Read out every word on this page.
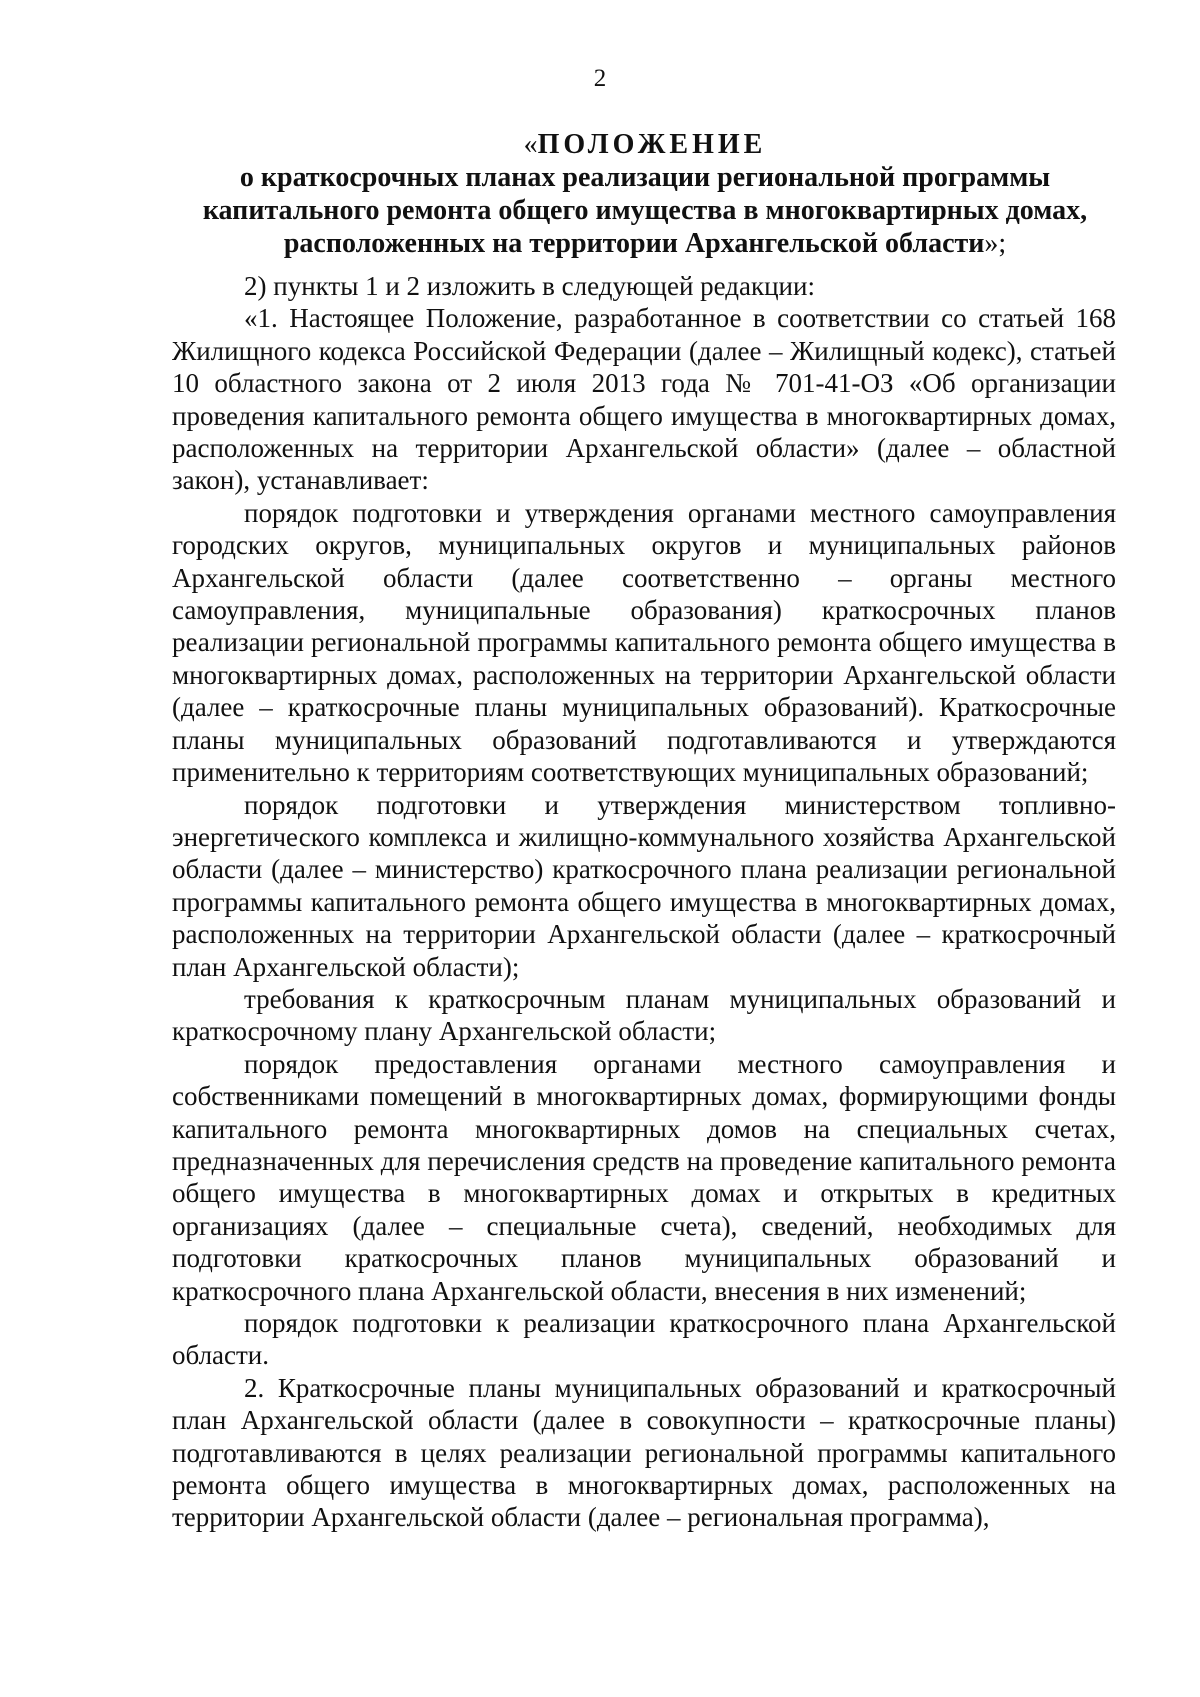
2
«ПОЛОЖЕНИЕ
о краткосрочных планах реализации региональной программы
капитального ремонта общего имущества в многоквартирных домах,
расположенных на территории Архангельской области»;

2) пункты 1 и 2 изложить в следующей редакции:

«1. Настоящее Положение, разработанное в соответствии со статьей 168 Жилищного кодекса Российской Федерации (далее – Жилищный кодекс), статьей 10 областного закона от 2 июля 2013 года № 701-41-ОЗ «Об организации проведения капитального ремонта общего имущества в многоквартирных домах, расположенных на территории Архангельской области» (далее – областной закон), устанавливает:

порядок подготовки и утверждения органами местного самоуправления городских округов, муниципальных округов и муниципальных районов Архангельской области (далее соответственно – органы местного самоуправления, муниципальные образования) краткосрочных планов реализации региональной программы капитального ремонта общего имущества в многоквартирных домах, расположенных на территории Архангельской области (далее – краткосрочные планы муниципальных образований). Краткосрочные планы муниципальных образований подготавливаются и утверждаются применительно к территориям соответствующих муниципальных образований;

порядок подготовки и утверждения министерством топливно-энергетического комплекса и жилищно-коммунального хозяйства Архангельской области (далее – министерство) краткосрочного плана реализации региональной программы капитального ремонта общего имущества в многоквартирных домах, расположенных на территории Архангельской области (далее – краткосрочный план Архангельской области);

требования к краткосрочным планам муниципальных образований и краткосрочному плану Архангельской области;

порядок предоставления органами местного самоуправления и собственниками помещений в многоквартирных домах, формирующими фонды капитального ремонта многоквартирных домов на специальных счетах, предназначенных для перечисления средств на проведение капитального ремонта общего имущества в многоквартирных домах и открытых в кредитных организациях (далее – специальные счета), сведений, необходимых для подготовки краткосрочных планов муниципальных образований и краткосрочного плана Архангельской области, внесения в них изменений;

порядок подготовки к реализации краткосрочного плана Архангельской области.

2. Краткосрочные планы муниципальных образований и краткосрочный план Архангельской области (далее в совокупности – краткосрочные планы) подготавливаются в целях реализации региональной программы капитального ремонта общего имущества в многоквартирных домах, расположенных на территории Архангельской области (далее – региональная программа),
